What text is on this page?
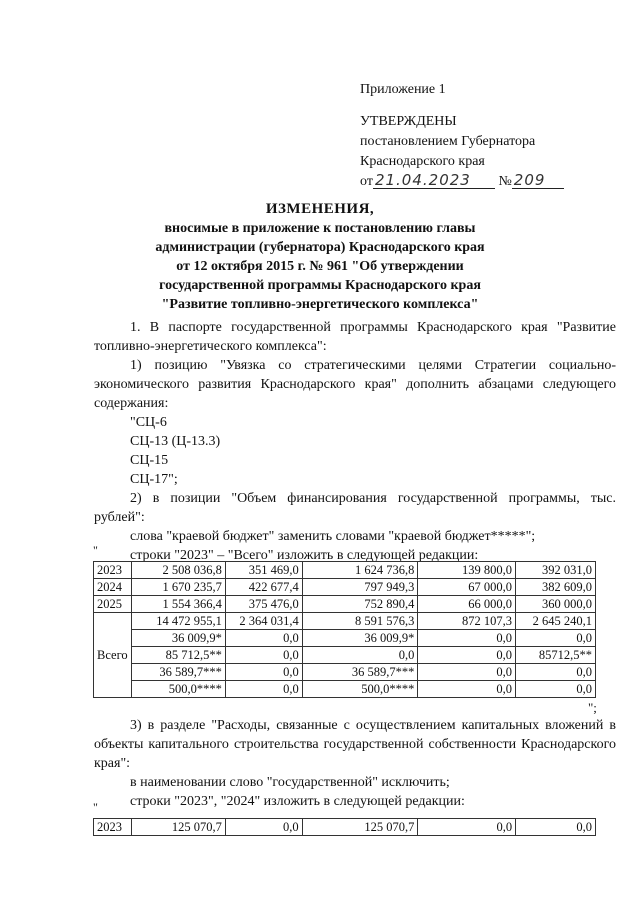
Приложение 1
УТВЕРЖДЕНЫ
постановлением Губернатора
Краснодарского края
от 21.04.2023 № 209
ИЗМЕНЕНИЯ,
вносимые в приложение к постановлению главы
администрации (губернатора) Краснодарского края
от 12 октября 2015 г. № 961 "Об утверждении
государственной программы Краснодарского края
"Развитие топливно-энергетического комплекса"

1. В паспорте государственной программы Краснодарского края "Развитие топливно-энергетического комплекса":

1) позицию "Увязка со стратегическими целями Стратегии социально-экономического развития Краснодарского края" дополнить абзацами следующего содержания:

"СЦ-6

СЦ-13 (Ц-13.3)

СЦ-15

СЦ-17";

2) в позиции "Объем финансирования государственной программы, тыс. рублей":

слова "краевой бюджет" заменить словами "краевой бюджет*****";

строки "2023" – "Всего" изложить в следующей редакции:

"
2023	2 508 036,8	351 469,0	1 624 736,8	139 800,0	392 031,0
2024	1 670 235,7	422 677,4	797 949,3	67 000,0	382 609,0
2025	1 554 366,4	375 476,0	752 890,4	66 000,0	360 000,0
Всего	14 472 955,1	2 364 031,4	8 591 576,3	872 107,3	2 645 240,1
	36 009,9*	0,0	36 009,9*	0,0	0,0
	85 712,5**	0,0	0,0	0,0	85712,5**
	36 589,7***	0,0	36 589,7***	0,0	0,0
	500,0****	0,0	500,0****	0,0	0,0
";

3) в разделе "Расходы, связанные с осуществлением капитальных вложений в объекты капитального строительства государственной собственности Краснодарского края":

в наименовании слово "государственной" исключить;

строки "2023", "2024" изложить в следующей редакции:

"
2023	125 070,7	0,0	125 070,7	0,0	0,0
